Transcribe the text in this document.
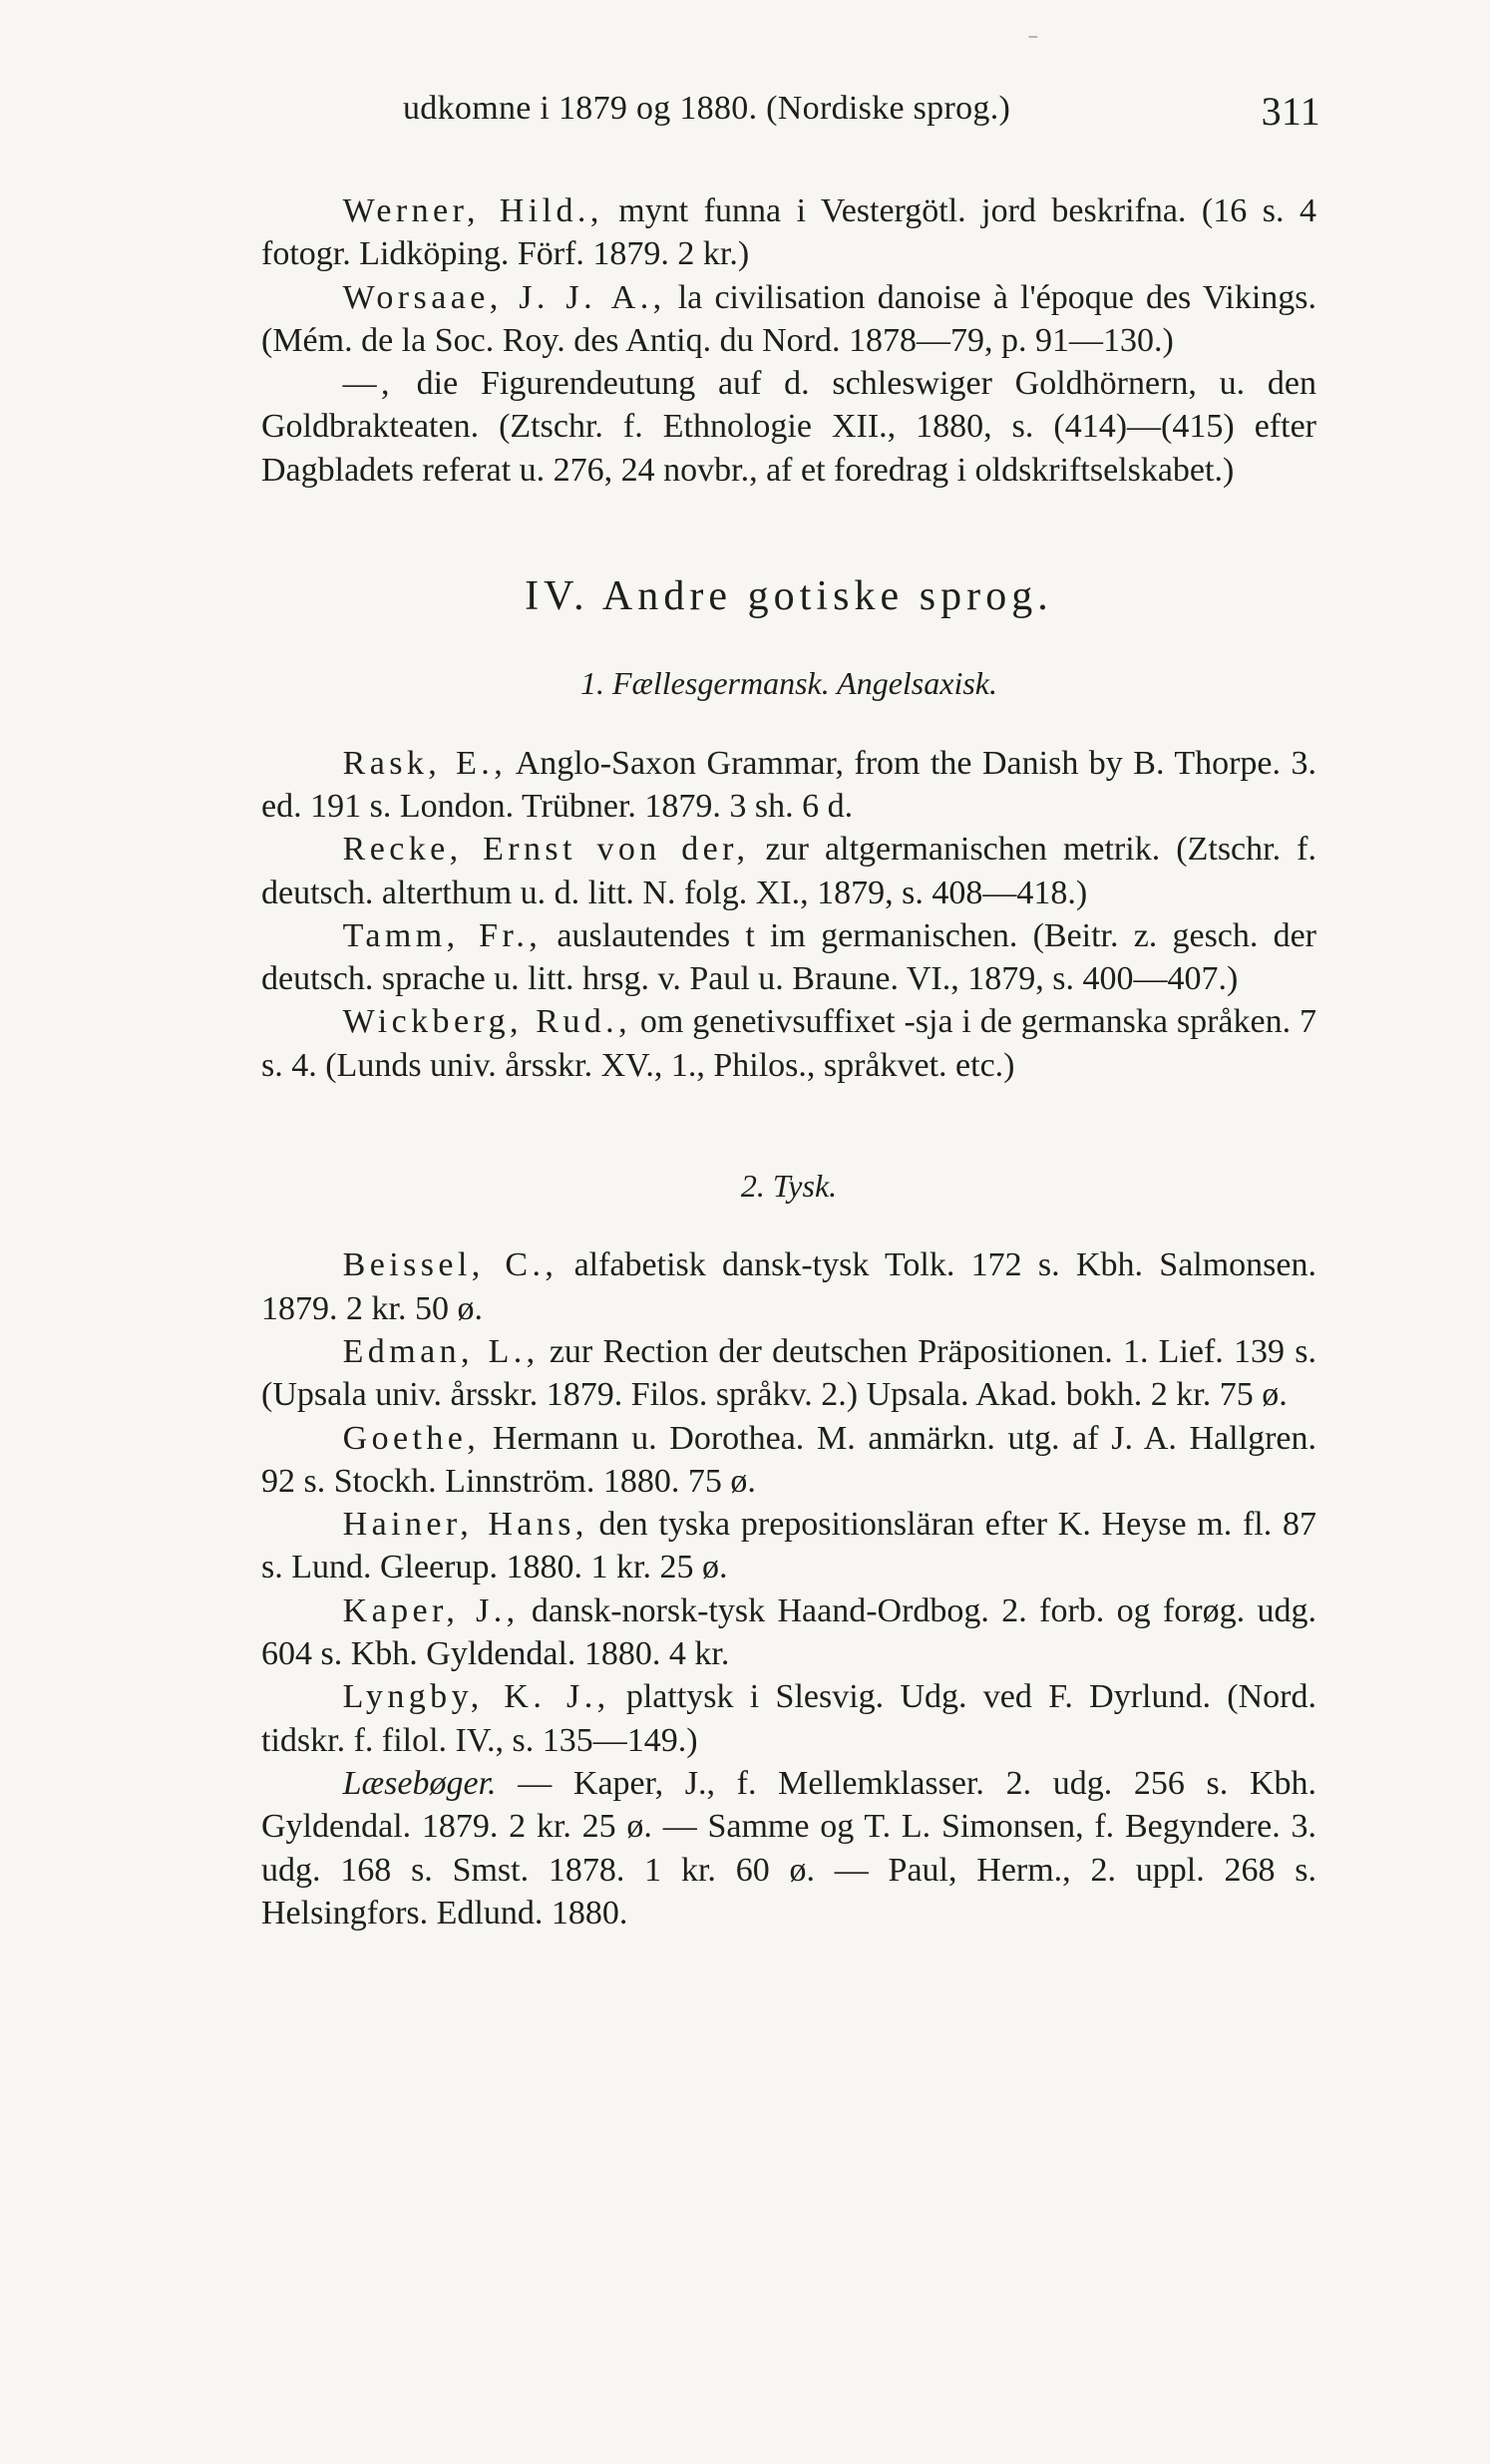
⁻
udkomne i 1879 og 1880. (Nordiske sprog.)	311

Werner, Hild., mynt funna i Vestergötl. jord beskrifna. (16 s. 4 fotogr. Lidköping. Förf. 1879. 2 kr.)

Worsaae, J. J. A., la civilisation danoise à l'époque des Vikings. (Mém. de la Soc. Roy. des Antiq. du Nord. 1878—79, p. 91—130.)

—, die Figurendeutung auf d. schleswiger Goldhörnern, u. den Goldbrakteaten. (Ztschr. f. Ethnologie XII., 1880, s. (414)—(415) efter Dagbladets referat u. 276, 24 novbr., af et foredrag i oldskriftselskabet.)

IV. Andre gotiske sprog.
1. Fællesgermansk. Angelsaxisk.

Rask, E., Anglo-Saxon Grammar, from the Danish by B. Thorpe. 3. ed. 191 s. London. Trübner. 1879. 3 sh. 6 d.

Recke, Ernst von der, zur altgermanischen metrik. (Ztschr. f. deutsch. alterthum u. d. litt. N. folg. XI., 1879, s. 408—418.)

Tamm, Fr., auslautendes t im germanischen. (Beitr. z. gesch. der deutsch. sprache u. litt. hrsg. v. Paul u. Braune. VI., 1879, s. 400—407.)

Wickberg, Rud., om genetivsuffixet -sja i de germanska språken. 7 s. 4. (Lunds univ. årsskr. XV., 1., Philos., språkvet. etc.)

2. Tysk.

Beissel, C., alfabetisk dansk-tysk Tolk. 172 s. Kbh. Salmonsen. 1879. 2 kr. 50 ø.

Edman, L., zur Rection der deutschen Präpositionen. 1. Lief. 139 s. (Upsala univ. årsskr. 1879. Filos. språkv. 2.) Upsala. Akad. bokh. 2 kr. 75 ø.

Goethe, Hermann u. Dorothea. M. anmärkn. utg. af J. A. Hallgren. 92 s. Stockh. Linnström. 1880. 75 ø.

Hainer, Hans, den tyska prepositionsläran efter K. Heyse m. fl. 87 s. Lund. Gleerup. 1880. 1 kr. 25 ø.

Kaper, J., dansk-norsk-tysk Haand-Ordbog. 2. forb. og forøg. udg. 604 s. Kbh. Gyldendal. 1880. 4 kr.

Lyngby, K. J., plattysk i Slesvig. Udg. ved F. Dyrlund. (Nord. tidskr. f. filol. IV., s. 135—149.)

Læsebøger. — Kaper, J., f. Mellemklasser. 2. udg. 256 s. Kbh. Gyldendal. 1879. 2 kr. 25 ø. — Samme og T. L. Simonsen, f. Begyndere. 3. udg. 168 s. Smst. 1878. 1 kr. 60 ø. — Paul, Herm., 2. uppl. 268 s. Helsingfors. Edlund. 1880.
